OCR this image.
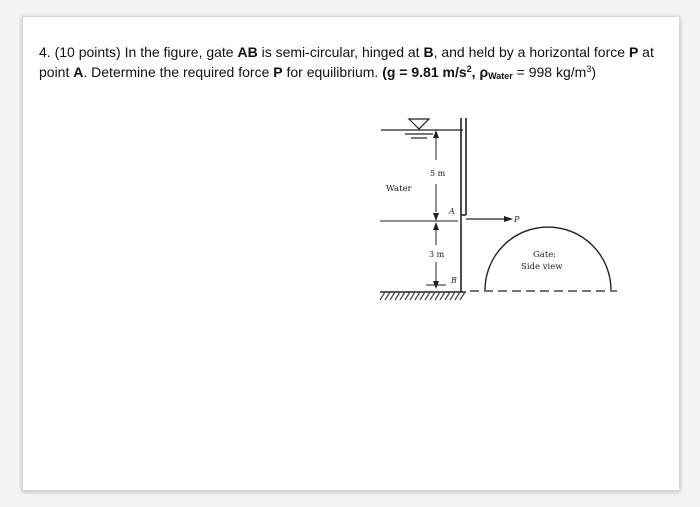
4. (10 points) In the figure, gate AB is semi-circular, hinged at B, and held by a horizontal force P at point A. Determine the required force P for equilibrium. (g = 9.81 $m/s^2$, $\rho_{Water} = 998$ $kg/m^3$)
Water
5 m
3 m
A
B
P
Gate:
Side view
